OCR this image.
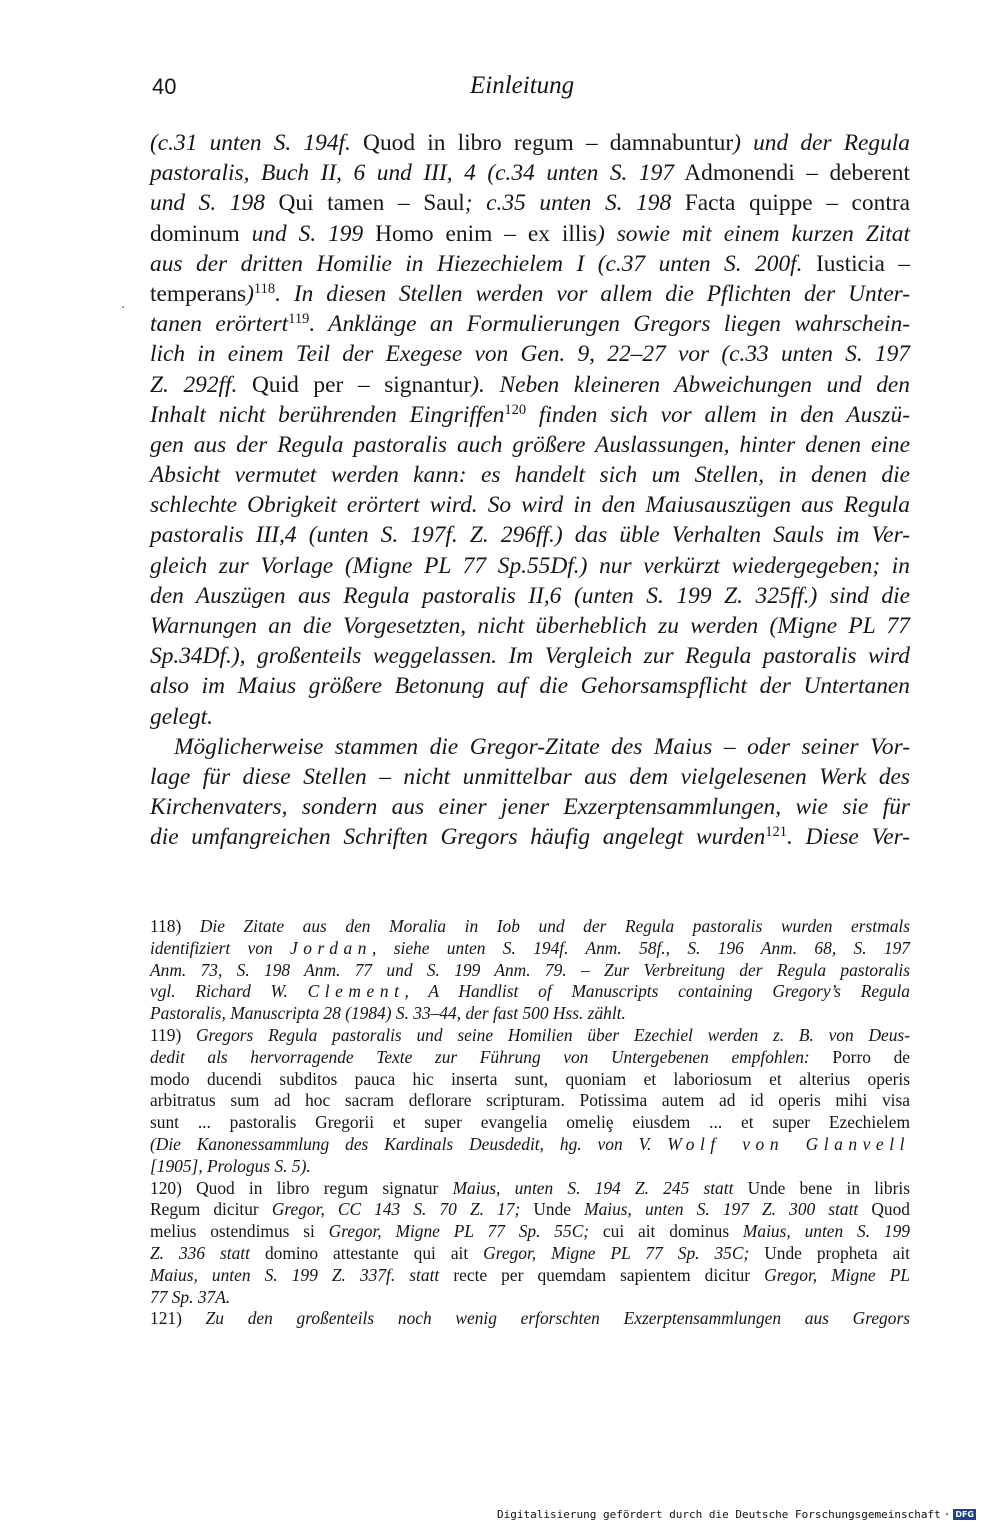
40	Einleitung
(c.31 unten S. 194f. Quod in libro regum – damnabuntur) und der Regula
pastoralis, Buch II, 6 und III, 4 (c.34 unten S. 197 Admonendi – deberent
und S. 198 Qui tamen – Saul; c.35 unten S. 198 Facta quippe – contra
dominum und S. 199 Homo enim – ex illis) sowie mit einem kurzen Zitat
aus der dritten Homilie in Hiezechielem I (c.37 unten S. 200f. Iusticia –
temperans)$^{118}$. In diesen Stellen werden vor allem die Pflichten der Unter-
tanen erörtert$^{119}$. Anklänge an Formulierungen Gregors liegen wahrschein-
lich in einem Teil der Exegese von Gen. 9, 22–27 vor (c.33 unten S. 197
Z. 292ff. Quid per – signantur). Neben kleineren Abweichungen und den
Inhalt nicht berührenden Eingriffen$^{120}$ finden sich vor allem in den Auszü-
gen aus der Regula pastoralis auch größere Auslassungen, hinter denen eine
Absicht vermutet werden kann: es handelt sich um Stellen, in denen die
schlechte Obrigkeit erörtert wird. So wird in den Maiusauszügen aus Regula
pastoralis III,4 (unten S. 197f. Z. 296ff.) das üble Verhalten Sauls im Ver-
gleich zur Vorlage (Migne PL 77 Sp.55Df.) nur verkürzt wiedergegeben; in
den Auszügen aus Regula pastoralis II,6 (unten S. 199 Z. 325ff.) sind die
Warnungen an die Vorgesetzten, nicht überheblich zu werden (Migne PL 77
Sp.34Df.), großenteils weggelassen. Im Vergleich zur Regula pastoralis wird
also im Maius größere Betonung auf die Gehorsamspflicht der Untertanen
gelegt.
Möglicherweise stammen die Gregor-Zitate des Maius – oder seiner Vor-
lage für diese Stellen – nicht unmittelbar aus dem vielgelesenen Werk des
Kirchenvaters, sondern aus einer jener Exzerptensammlungen, wie sie für
die umfangreichen Schriften Gregors häufig angelegt wurden$^{121}$. Diese Ver-
118) Die Zitate aus den Moralia in Iob und der Regula pastoralis wurden erstmals
identifiziert von Jordan, siehe unten S. 194f. Anm. 58f., S. 196 Anm. 68, S. 197
Anm. 73, S. 198 Anm. 77 und S. 199 Anm. 79. – Zur Verbreitung der Regula pastoralis
vgl. Richard W. Clement, A Handlist of Manuscripts containing Gregory’s Regula
Pastoralis, Manuscripta 28 (1984) S. 33–44, der fast 500 Hss. zählt.
119) Gregors Regula pastoralis und seine Homilien über Ezechiel werden z. B. von Deus-
dedit als hervorragende Texte zur Führung von Untergebenen empfohlen: Porro de
modo ducendi subditos pauca hic inserta sunt, quoniam et laboriosum et alterius operis
arbitratus sum ad hoc sacram deflorare scripturam. Potissima autem ad id operis mihi visa
sunt ... pastoralis Gregorii et super evangelia omeliȩ eiusdem ... et super Ezechielem
(Die Kanonessammlung des Kardinals Deusdedit, hg. von V. Wolf von Glanvell
[1905], Prologus S. 5).
120) Quod in libro regum signatur Maius, unten S. 194 Z. 245 statt Unde bene in libris
Regum dicitur Gregor, CC 143 S. 70 Z. 17; Unde Maius, unten S. 197 Z. 300 statt Quod
melius ostendimus si Gregor, Migne PL 77 Sp. 55C; cui ait dominus Maius, unten S. 199
Z. 336 statt domino attestante qui ait Gregor, Migne PL 77 Sp. 35C; Unde propheta ait
Maius, unten S. 199 Z. 337f. statt recte per quemdam sapientem dicitur Gregor, Migne PL
77 Sp. 37A.
121) Zu den großenteils noch wenig erforschten Exzerptensammlungen aus Gregors
Digitalisierung gefördert durch die Deutsche Forschungsgemeinschaft · DFG
